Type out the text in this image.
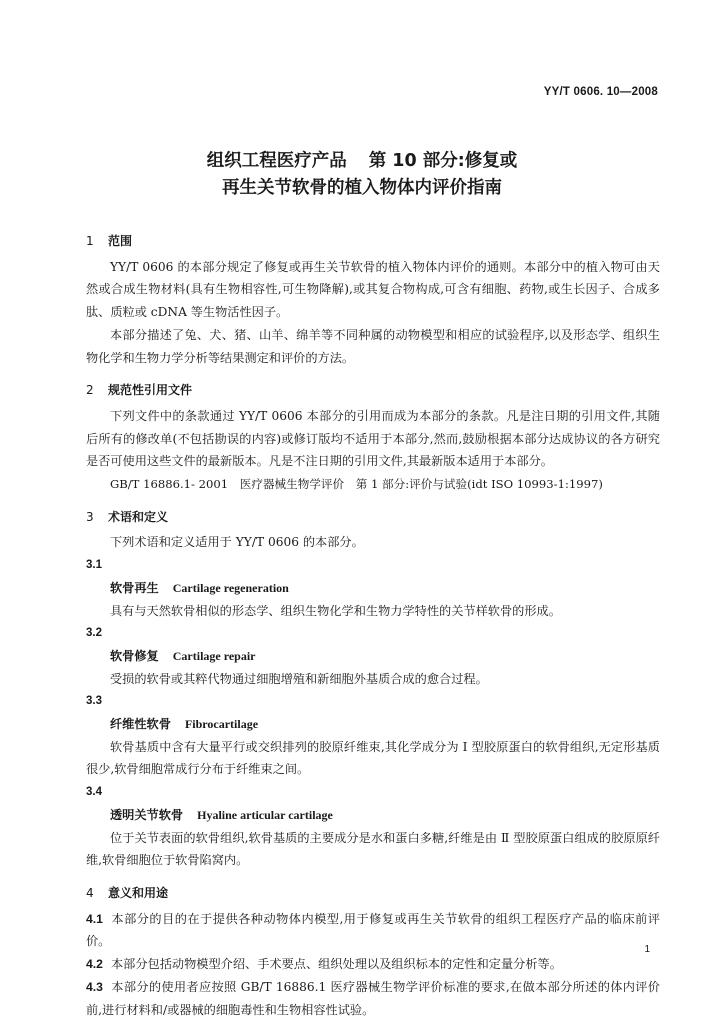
YY/T 0606. 10—2008
组织工程医疗产品 第 10 部分:修复或
再生关节软骨的植入物体内评价指南
1 范围

YY/T 0606 的本部分规定了修复或再生关节软骨的植入物体内评价的通则。本部分中的植入物可由天然或合成生物材料(具有生物相容性,可生物降解),或其复合物构成,可含有细胞、药物,或生长因子、合成多肽、质粒或 cDNA 等生物活性因子。

本部分描述了兔、犬、猪、山羊、绵羊等不同种属的动物模型和相应的试验程序,以及形态学、组织生物化学和生物力学分析等结果测定和评价的方法。

2 规范性引用文件

下列文件中的条款通过 YY/T 0606 本部分的引用而成为本部分的条款。凡是注日期的引用文件,其随后所有的修改单(不包括勘误的内容)或修订版均不适用于本部分,然而,鼓励根据本部分达成协议的各方研究是否可使用这些文件的最新版本。凡是不注日期的引用文件,其最新版本适用于本部分。

GB/T 16886.1- 2001　医疗器械生物学评价　第 1 部分:评价与试验(idt ISO 10993-1:1997)

3 术语和定义

下列术语和定义适用于 YY/T 0606 的本部分。

3.1

软骨再生 Cartilage regeneration

具有与天然软骨相似的形态学、组织生物化学和生物力学特性的关节样软骨的形成。

3.2

软骨修复 Cartilage repair

受损的软骨或其粹代物通过细胞增殖和新细胞外基质合成的愈合过程。

3.3

纤维性软骨 Fibrocartilage

软骨基质中含有大量平行或交织排列的胶原纤维束,其化学成分为 I 型胶原蛋白的软骨组织,无定形基质很少,软骨细胞常成行分布于纤维束之间。

3.4

透明关节软骨 Hyaline articular cartilage

位于关节表面的软骨组织,软骨基质的主要成分是水和蛋白多糖,纤维是由 Ⅱ 型胶原蛋白组成的胶原原纤维,软骨细胞位于软骨陷窝内。

4 意义和用途

4.1 本部分的目的在于提供各种动物体内模型,用于修复或再生关节软骨的组织工程医疗产品的临床前评价。

4.2 本部分包括动物模型介绍、手术要点、组织处理以及组织标本的定性和定量分析等。

4.3 本部分的使用者应按照 GB/T 16886.1 医疗器械生物学评价标准的要求,在做本部分所述的体内评价前,进行材料和/或器械的细胞毒性和生物相容性试验。

1
